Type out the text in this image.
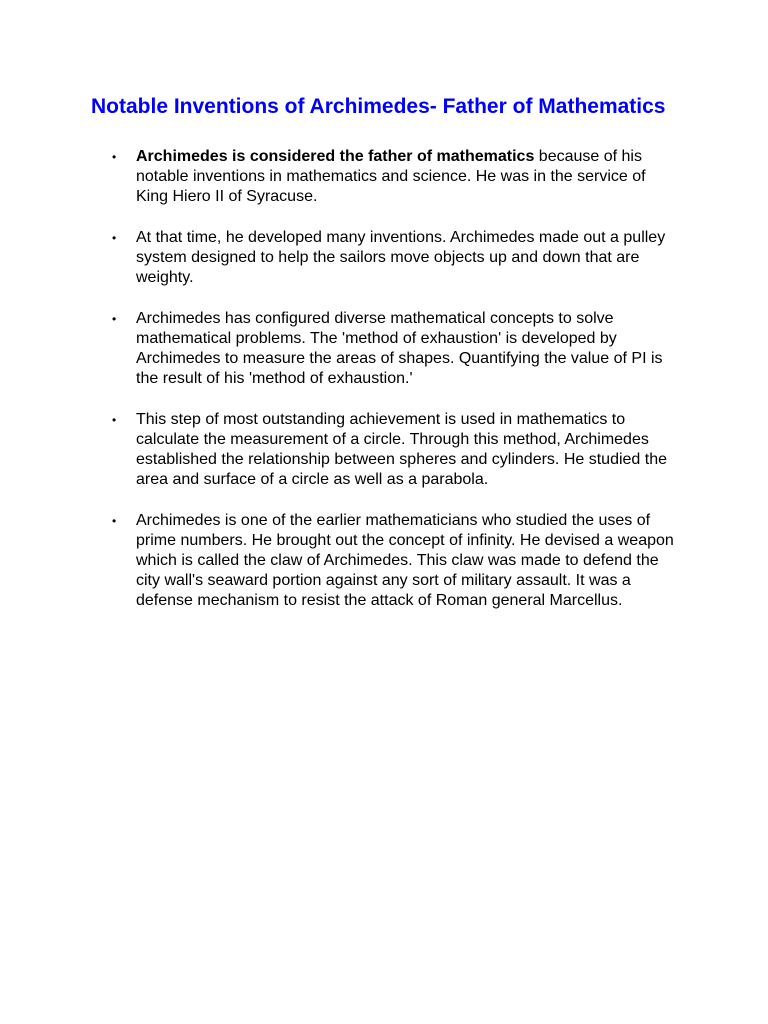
Notable Inventions of Archimedes- Father of Mathematics
• Archimedes is considered the father of mathematics because of his notable inventions in mathematics and science. He was in the service of King Hiero II of Syracuse.
• At that time, he developed many inventions. Archimedes made out a pulley system designed to help the sailors move objects up and down that are weighty.
• Archimedes has configured diverse mathematical concepts to solve mathematical problems. The 'method of exhaustion' is developed by Archimedes to measure the areas of shapes. Quantifying the value of PI is the result of his 'method of exhaustion.'
• This step of most outstanding achievement is used in mathematics to calculate the measurement of a circle. Through this method, Archimedes established the relationship between spheres and cylinders. He studied the area and surface of a circle as well as a parabola.
• Archimedes is one of the earlier mathematicians who studied the uses of prime numbers. He brought out the concept of infinity. He devised a weapon which is called the claw of Archimedes. This claw was made to defend the city wall's seaward portion against any sort of military assault. It was a defense mechanism to resist the attack of Roman general Marcellus.
